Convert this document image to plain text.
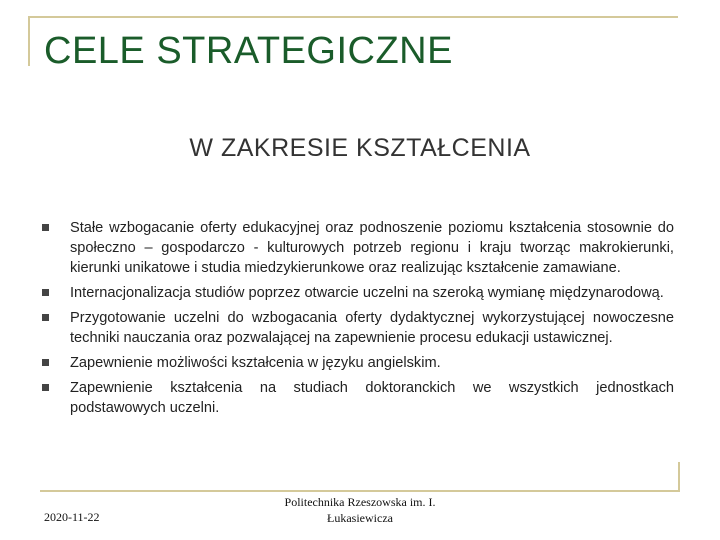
CELE STRATEGICZNE
W ZAKRESIE KSZTAŁCENIA
Stałe wzbogacanie oferty edukacyjnej oraz podnoszenie poziomu kształcenia stosownie do społeczno – gospodarczo - kulturowych potrzeb regionu i kraju tworząc makrokierunki, kierunki unikatowe i studia miedzykierunkowe oraz realizując kształcenie zamawiane.
Internacjonalizacja studiów poprzez otwarcie uczelni na szeroką wymianę międzynarodową.
Przygotowanie uczelni do wzbogacania oferty dydaktycznej wykorzystującej nowoczesne techniki nauczania oraz pozwalającej na zapewnienie procesu edukacji ustawicznej.
Zapewnienie możliwości kształcenia w języku angielskim.
Zapewnienie kształcenia na studiach doktoranckich we wszystkich jednostkach podstawowych uczelni.
2020-11-22
Politechnika Rzeszowska im. I.
Łukasiewicza
